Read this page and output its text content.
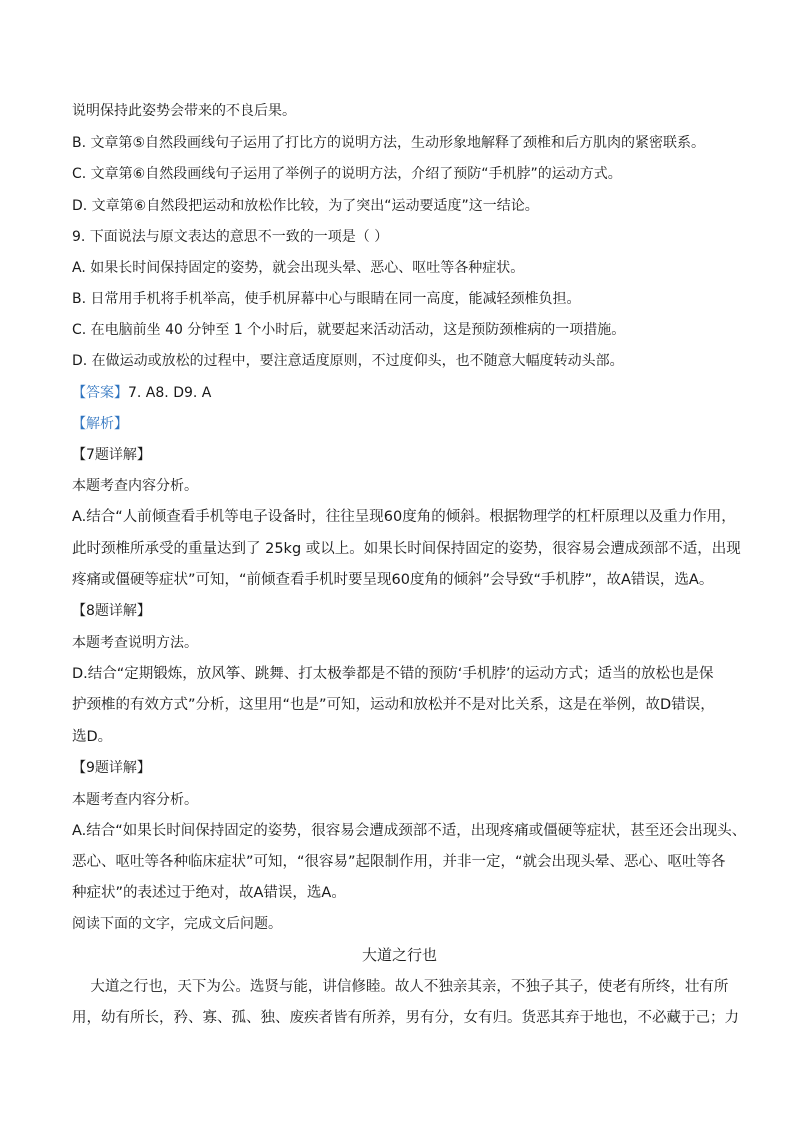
说明保持此姿势会带来的不良后果。
B. 文章第⑤自然段画线句子运用了打比方的说明方法，生动形象地解释了颈椎和后方肌肉的紧密联系。
C. 文章第⑥自然段画线句子运用了举例子的说明方法，介绍了预防“手机脖”的运动方式。
D. 文章第⑥自然段把运动和放松作比较，为了突出“运动要适度”这一结论。
9. 下面说法与原文表达的意思不一致的一项是（ ）
A. 如果长时间保持固定的姿势，就会出现头晕、恶心、呕吐等各种症状。
B. 日常用手机将手机举高，使手机屏幕中心与眼睛在同一高度，能减轻颈椎负担。
C. 在电脑前坐 40 分钟至 1 个小时后，就要起来活动活动，这是预防颈椎病的一项措施。
D. 在做运动或放松的过程中，要注意适度原则，不过度仰头，也不随意大幅度转动头部。
【答案】7. A8. D9. A
【解析】
【7题详解】
本题考查内容分析。
A.结合“人前倾查看手机等电子设备时，往往呈现60度角的倾斜。根据物理学的杠杆原理以及重力作用，
此时颈椎所承受的重量达到了 25kg 或以上。如果长时间保持固定的姿势，很容易会遭成颈部不适，出现
疼痛或僵硬等症状”可知，“前倾查看手机时要呈现60度角的倾斜”会导致“手机脖”，故A错误，选A。
【8题详解】
本题考查说明方法。
D.结合“定期锻炼，放风筝、跳舞、打太极拳都是不错的预防‘手机脖’的运动方式；适当的放松也是保
护颈椎的有效方式”分析，这里用“也是”可知，运动和放松并不是对比关系，这是在举例，故D错误，
选D。
【9题详解】
本题考查内容分析。
A.结合“如果长时间保持固定的姿势，很容易会遭成颈部不适，出现疼痛或僵硬等症状，甚至还会出现头、
恶心、呕吐等各种临床症状”可知，“很容易”起限制作用，并非一定，“就会出现头晕、恶心、呕吐等各
种症状”的表述过于绝对，故A错误，选A。
阅读下面的文字，完成文后问题。
大道之行也
大道之行也，天下为公。选贤与能，讲信修睦。故人不独亲其亲，不独子其子，使老有所终，壮有所
用，幼有所长，矜、寡、孤、独、废疾者皆有所养，男有分，女有归。货恶其弃于地也，不必藏于己；力
